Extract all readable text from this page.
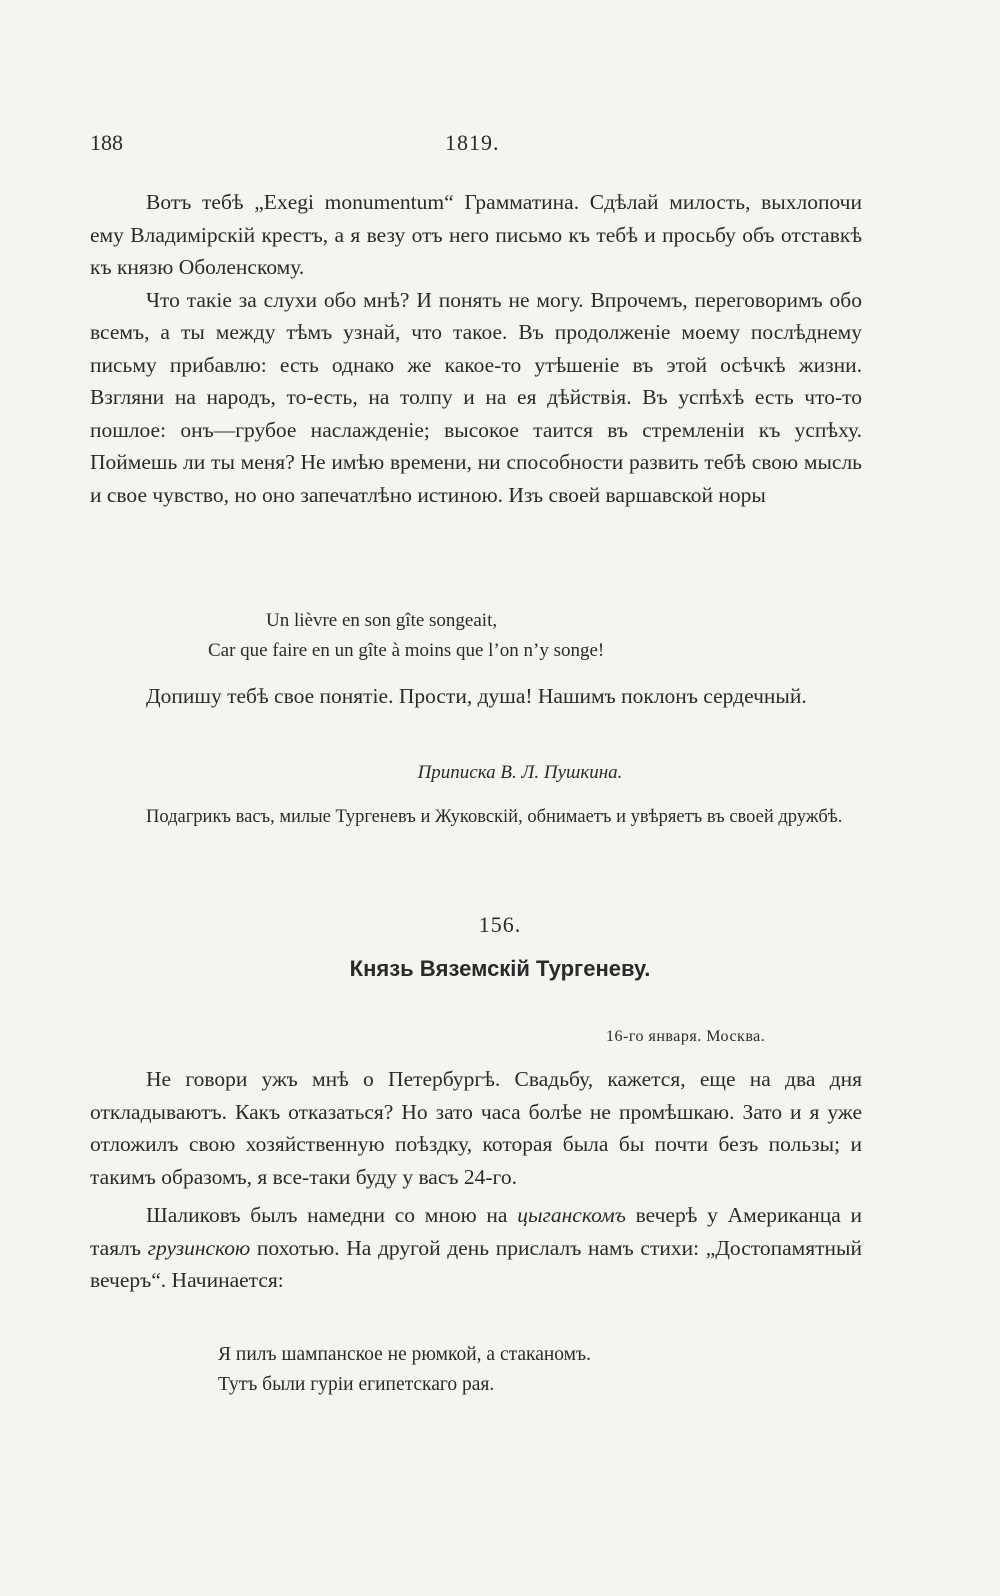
188	1819.

Вотъ тебѣ „Exegi monumentum“ Грамматина. Сдѣлай милость, выхлопочи ему Владимірскій крестъ, а я везу отъ него письмо къ тебѣ и просьбу объ отставкѣ къ князю Оболенскому.

Что такіе за слухи обо мнѣ? И понять не могу. Впрочемъ, переговоримъ обо всемъ, а ты между тѣмъ узнай, что такое. Въ продолженіе моему послѣднему письму прибавлю: есть однако же какое-то утѣшеніе въ этой осѣчкѣ жизни. Взгляни на народъ, то-есть, на толпу и на ея дѣйствія. Въ успѣхѣ есть что-то пошлое: онъ—грубое наслажденіе; высокое таится въ стремленіи къ успѣху. Поймешь ли ты меня? Не имѣю времени, ни способности развить тебѣ свою мысль и свое чувство, но оно запечатлѣно истиною. Изъ своей варшавской норы

Un lièvre en son gîte songeait,
Car que faire en un gîte à moins que l’on n’y songe!

Допишу тебѣ свое понятіе. Прости, душа! Нашимъ поклонъ сердечный.

Приписка В. Л. Пушкина.

Подагрикъ васъ, милые Тургеневъ и Жуковскій, обнимаетъ и увѣряетъ въ своей дружбѣ.

156.
Князь Вяземскій Тургеневу.
16-го января. Москва.

Не говори ужъ мнѣ о Петербургѣ. Свадьбу, кажется, еще на два дня откладываютъ. Какъ отказаться? Но зато часа болѣе не промѣшкаю. Зато и я уже отложилъ свою хозяйственную поѣздку, которая была бы почти безъ пользы; и такимъ образомъ, я все-таки буду у васъ 24-го.

Шаликовъ былъ намедни со мною на цыганскомъ вечерѣ у Американца и таялъ грузинскою похотью. На другой день прислалъ намъ стихи: „Достопамятный вечеръ“. Начинается:

Я пилъ шампанское не рюмкой, а стаканомъ.
Тутъ были гуріи египетскаго рая.
